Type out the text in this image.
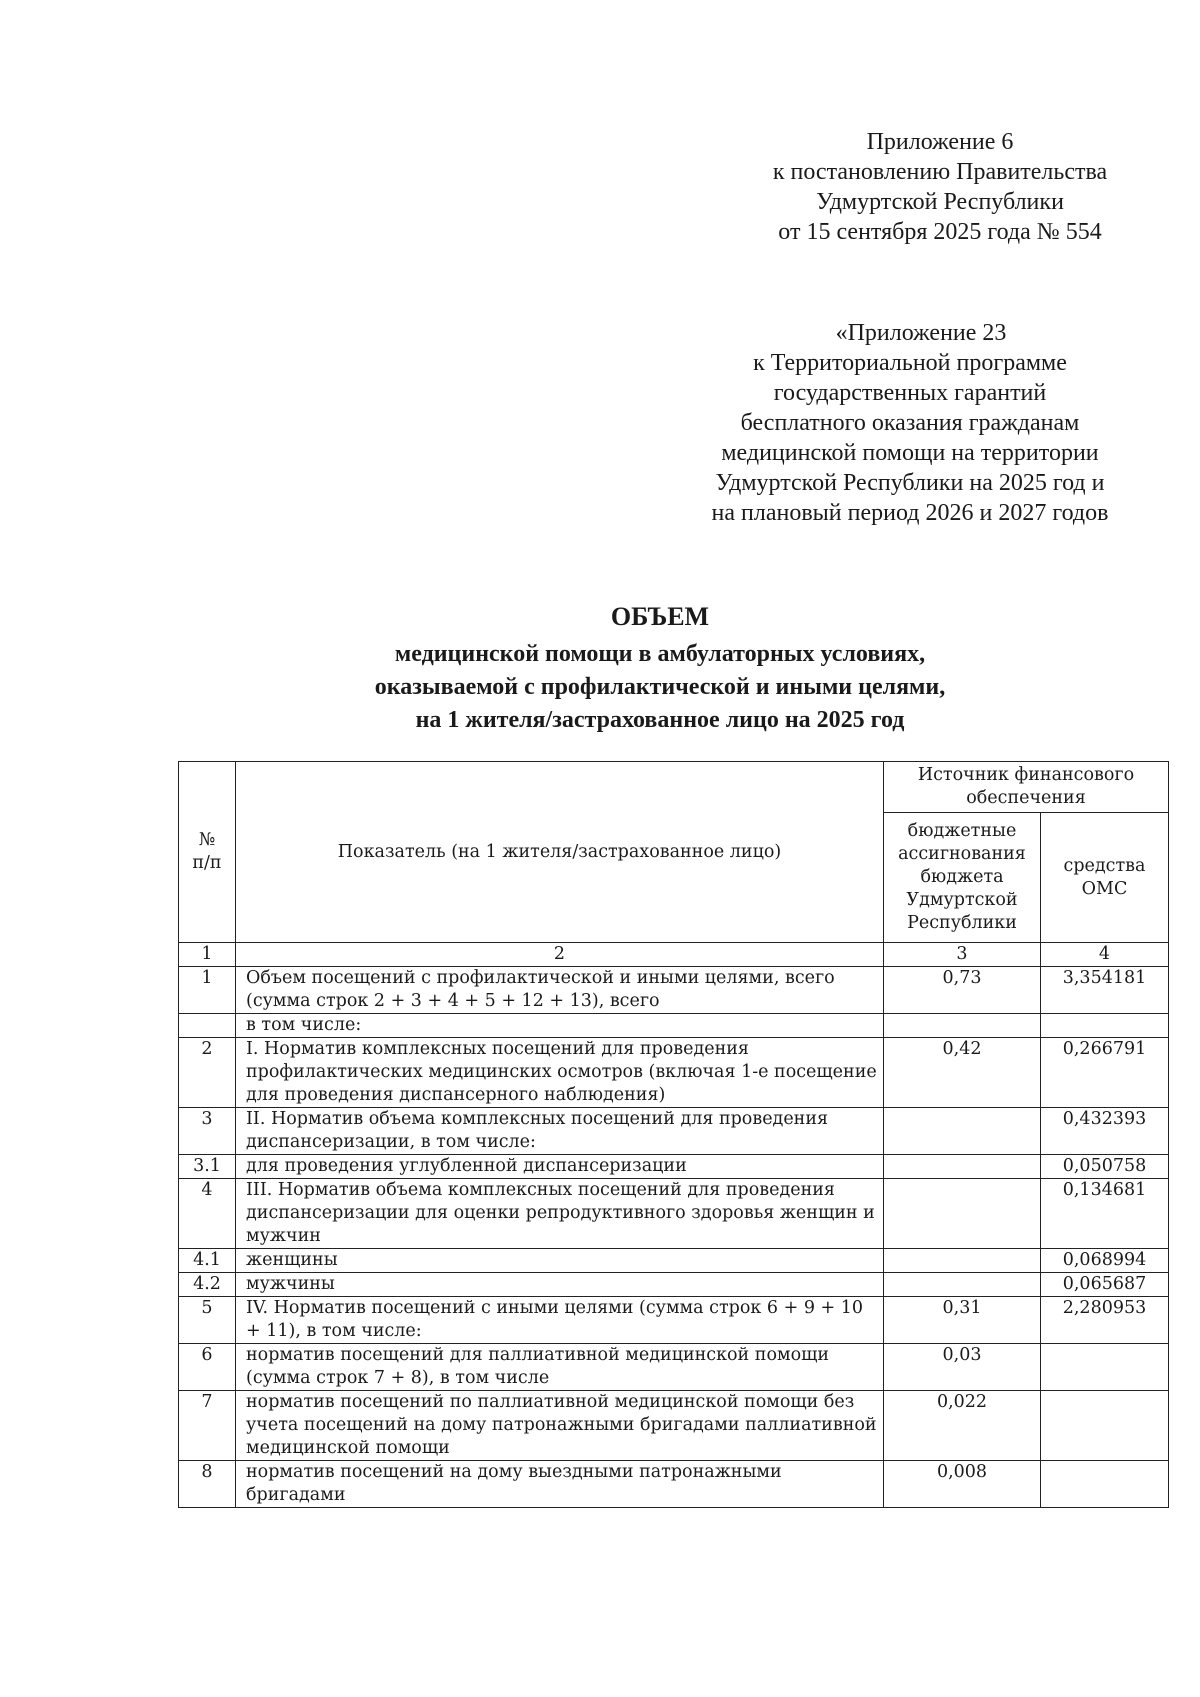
Приложение 6
к постановлению Правительства
Удмуртской Республики
от 15 сентября 2025 года № 554
«Приложение 23
к Территориальной программе
государственных гарантий
бесплатного оказания гражданам
медицинской помощи на территории
Удмуртской Республики на 2025 год и
на плановый период 2026 и 2027 годов
ОБЪЕМ
медицинской помощи в амбулаторных условиях,
оказываемой с профилактической и иными целями,
на 1 жителя/застрахованное лицо на 2025 год
№ п/п	Показатель (на 1 жителя/застрахованное лицо)	Источник финансового обеспечения	
		бюджетные ассигнования бюджета Удмуртской Республики	средства ОМС
1	2	3	4
1	Объем посещений с профилактической и иными целями, всего (сумма строк 2 + 3 + 4 + 5 + 12 + 13), всего	0,73	3,354181
	в том числе:		
2	I. Норматив комплексных посещений для проведения профилактических медицинских осмотров (включая 1-е посещение для проведения диспансерного наблюдения)	0,42	0,266791
3	II. Норматив объема комплексных посещений для проведения диспансеризации, в том числе:		0,432393
3.1	для проведения углубленной диспансеризации		0,050758
4	III. Норматив объема комплексных посещений для проведения диспансеризации для оценки репродуктивного здоровья женщин и мужчин		0,134681
4.1	женщины		0,068994
4.2	мужчины		0,065687
5	IV. Норматив посещений с иными целями (сумма строк 6 + 9 + 10 + 11), в том числе:	0,31	2,280953
6	норматив посещений для паллиативной медицинской помощи (сумма строк 7 + 8), в том числе	0,03	
7	норматив посещений по паллиативной медицинской помощи без учета посещений на дому патронажными бригадами паллиативной медицинской помощи	0,022	
8	норматив посещений на дому выездными патронажными бригадами	0,008	
